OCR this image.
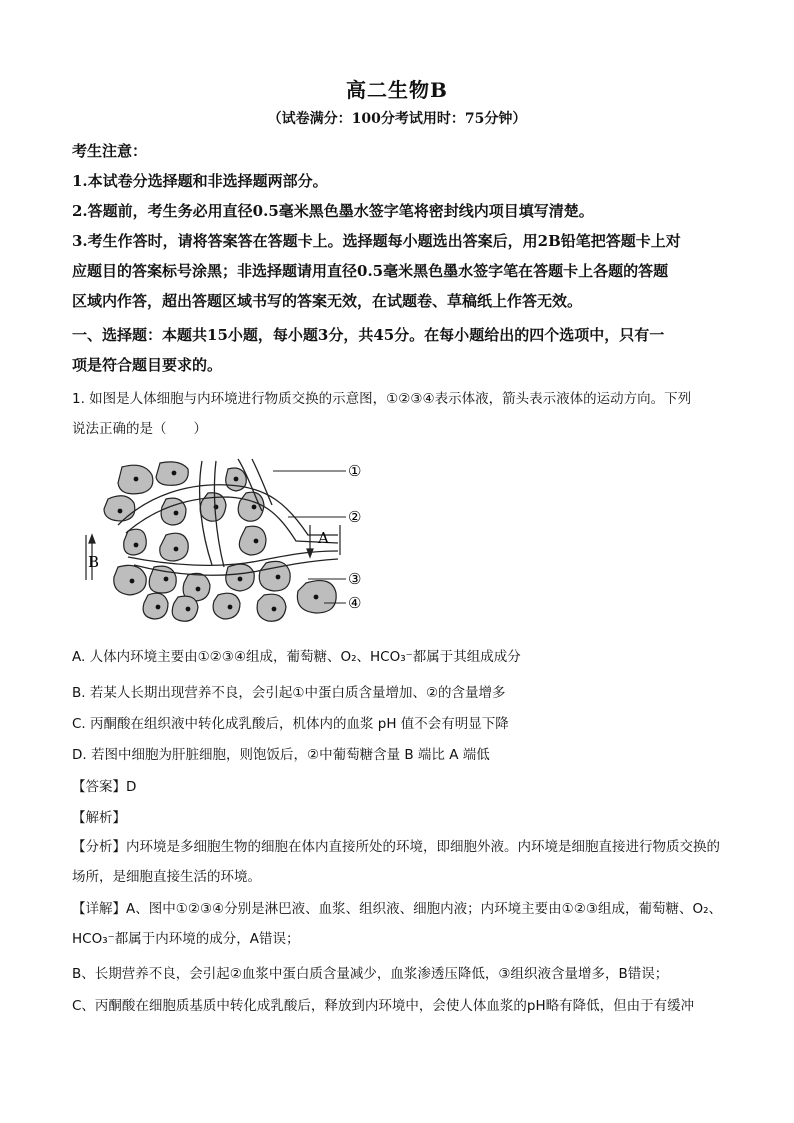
高二生物B
（试卷满分：100分考试用时：75分钟）
考生注意：
1.本试卷分选择题和非选择题两部分。
2.答题前，考生务必用直径0.5毫米黑色墨水签字笔将密封线内项目填写清楚。
3.考生作答时，请将答案答在答题卡上。选择题每小题选出答案后，用2B铅笔把答题卡上对
应题目的答案标号涂黑；非选择题请用直径0.5毫米黑色墨水签字笔在答题卡上各题的答题
区域内作答，超出答题区域书写的答案无效，在试题卷、草稿纸上作答无效。
一、选择题：本题共15小题，每小题3分，共45分。在每小题给出的四个选项中，只有一
项是符合题目要求的。
1. 如图是人体细胞与内环境进行物质交换的示意图，①②③④表示体液，箭头表示液体的运动方向。下列
说法正确的是（　　）
①
②
③
④
A
B
A. 人体内环境主要由①②③④组成，葡萄糖、O₂、HCO₃⁻都属于其组成成分
B. 若某人长期出现营养不良，会引起①中蛋白质含量增加、②的含量增多
C. 丙酮酸在组织液中转化成乳酸后，机体内的血浆 pH 值不会有明显下降
D. 若图中细胞为肝脏细胞，则饱饭后，②中葡萄糖含量 B 端比 A 端低
【答案】D
【解析】
【分析】内环境是多细胞生物的细胞在体内直接所处的环境，即细胞外液。内环境是细胞直接进行物质交换的场所，是细胞直接生活的环境。
【详解】A、图中①②③④分别是淋巴液、血浆、组织液、细胞内液；内环境主要由①②③组成，葡萄糖、O₂、HCO₃⁻都属于内环境的成分，A错误；
B、长期营养不良，会引起②血浆中蛋白质含量减少，血浆渗透压降低，③组织液含量增多，B错误；
C、丙酮酸在细胞质基质中转化成乳酸后，释放到内环境中，会使人体血浆的pH略有降低，但由于有缓冲
